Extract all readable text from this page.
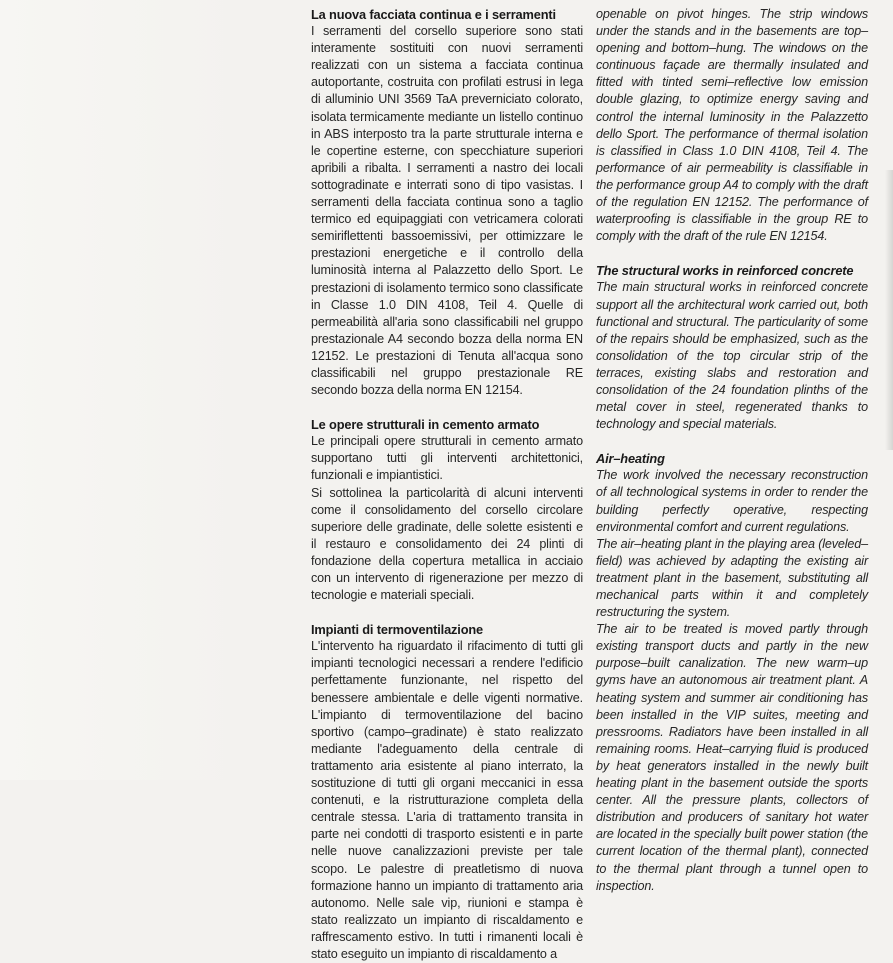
La nuova facciata continua e i serramenti

I serramenti del corsello superiore sono stati interamente sostituiti con nuovi serramenti realizzati con un sistema a facciata continua autoportante, costruita con profilati estrusi in lega di alluminio UNI 3569 TaA preverniciato colorato, isolata termicamente mediante un listello continuo in ABS interposto tra la parte strutturale interna e le copertine esterne, con specchiature superiori apribili a ribalta. I serramenti a nastro dei locali sottogradinate e interrati sono di tipo vasistas. I serramenti della facciata continua sono a taglio termico ed equipaggiati con vetricamera colorati semiriflettenti bassoemissivi, per ottimizzare le prestazioni energetiche e il controllo della luminosità interna al Palazzetto dello Sport. Le prestazioni di isolamento termico sono classificate in Classe 1.0 DIN 4108, Teil 4. Quelle di permeabilità all'aria sono classificabili nel gruppo prestazionale A4 secondo bozza della norma EN 12152. Le prestazioni di Tenuta all'acqua sono classificabili nel gruppo prestazionale RE secondo bozza della norma EN 12154.

Le opere strutturali in cemento armato

Le principali opere strutturali in cemento armato supportano tutti gli interventi architettonici, funzionali e impiantistici.

Si sottolinea la particolarità di alcuni interventi come il consolidamento del corsello circolare superiore delle gradinate, delle solette esistenti e il restauro e consolidamento dei 24 plinti di fondazione della copertura metallica in acciaio con un intervento di rigenerazione per mezzo di tecnologie e materiali speciali.

Impianti di termoventilazione

L'intervento ha riguardato il rifacimento di tutti gli impianti tecnologici necessari a rendere l'edificio perfettamente funzionante, nel rispetto del benessere ambientale e delle vigenti normative. L'impianto di termoventilazione del bacino sportivo (campo–gradinate) è stato realizzato mediante l'adeguamento della centrale di trattamento aria esistente al piano interrato, la sostituzione di tutti gli organi meccanici in essa contenuti, e la ristrutturazione completa della centrale stessa. L'aria di trattamento transita in parte nei condotti di trasporto esistenti e in parte nelle nuove canalizzazioni previste per tale scopo. Le palestre di preatletismo di nuova formazione hanno un impianto di trattamento aria autonomo. Nelle sale vip, riunioni e stampa è stato realizzato un impianto di riscaldamento e raffrescamento estivo. In tutti i rimanenti locali è stato eseguito un impianto di riscaldamento a

openable on pivot hinges. The strip windows under the stands and in the basements are top–opening and bottom–hung. The windows on the continuous façade are thermally insulated and fitted with tinted semi–reflective low emission double glazing, to optimize energy saving and control the internal luminosity in the Palazzetto dello Sport. The performance of thermal isolation is classified in Class 1.0 DIN 4108, Teil 4. The performance of air permeability is classifiable in the performance group A4 to comply with the draft of the regulation EN 12152. The performance of waterproofing is classifiable in the group RE to comply with the draft of the rule EN 12154.

The structural works in reinforced concrete

The main structural works in reinforced concrete support all the architectural work carried out, both functional and structural. The particularity of some of the repairs should be emphasized, such as the consolidation of the top circular strip of the terraces, existing slabs and restoration and consolidation of the 24 foundation plinths of the metal cover in steel, regenerated thanks to technology and special materials.

Air–heating

The work involved the necessary reconstruction of all technological systems in order to render the building perfectly operative, respecting environmental comfort and current regulations.

The air–heating plant in the playing area (leveled–field) was achieved by adapting the existing air treatment plant in the basement, substituting all mechanical parts within it and completely restructuring the system.

The air to be treated is moved partly through existing transport ducts and partly in the new purpose–built canalization. The new warm–up gyms have an autonomous air treatment plant. A heating system and summer air conditioning has been installed in the VIP suites, meeting and pressrooms. Radiators have been installed in all remaining rooms. Heat–carrying fluid is produced by heat generators installed in the newly built heating plant in the basement outside the sports center. All the pressure plants, collectors of distribution and producers of sanitary hot water are located in the specially built power station (the current location of the thermal plant), connected to the thermal plant through a tunnel open to inspection.
